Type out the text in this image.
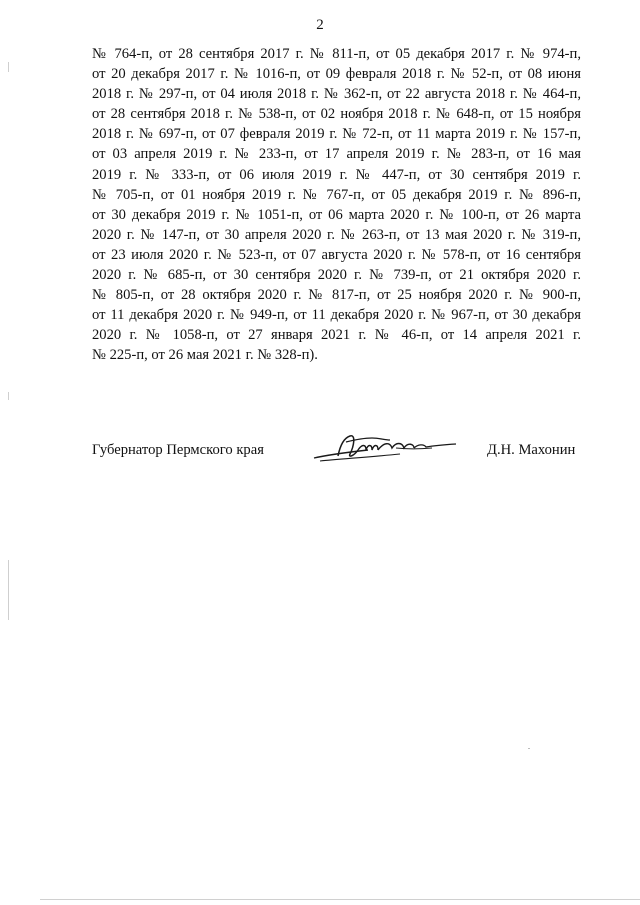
2
№ 764-п, от 28 сентября 2017 г. № 811-п, от 05 декабря 2017 г. № 974-п,
от 20 декабря 2017 г. № 1016-п, от 09 февраля 2018 г. № 52-п, от 08 июня
2018 г. № 297-п, от 04 июля 2018 г. № 362-п, от 22 августа 2018 г. № 464-п,
от 28 сентября 2018 г. № 538-п, от 02 ноября 2018 г. № 648-п, от 15 ноября
2018 г. № 697-п, от 07 февраля 2019 г. № 72-п, от 11 марта 2019 г. № 157-п,
от 03 апреля 2019 г. № 233-п, от 17 апреля 2019 г. № 283-п, от 16 мая
2019 г. № 333-п, от 06 июля 2019 г. № 447-п, от 30 сентября 2019 г.
№ 705-п, от 01 ноября 2019 г. № 767-п, от 05 декабря 2019 г. № 896-п,
от 30 декабря 2019 г. № 1051-п, от 06 марта 2020 г. № 100-п, от 26 марта
2020 г. № 147-п, от 30 апреля 2020 г. № 263-п, от 13 мая 2020 г. № 319-п,
от 23 июля 2020 г. № 523-п, от 07 августа 2020 г. № 578-п, от 16 сентября
2020 г. № 685-п, от 30 сентября 2020 г. № 739-п, от 21 октября 2020 г.
№ 805-п, от 28 октября 2020 г. № 817-п, от 25 ноября 2020 г. № 900-п,
от 11 декабря 2020 г. № 949-п, от 11 декабря 2020 г. № 967-п, от 30 декабря
2020 г. № 1058-п, от 27 января 2021 г. № 46-п, от 14 апреля 2021 г.
№ 225-п, от 26 мая 2021 г. № 328-п).
Губернатор Пермского края	Д.Н. Махонин
